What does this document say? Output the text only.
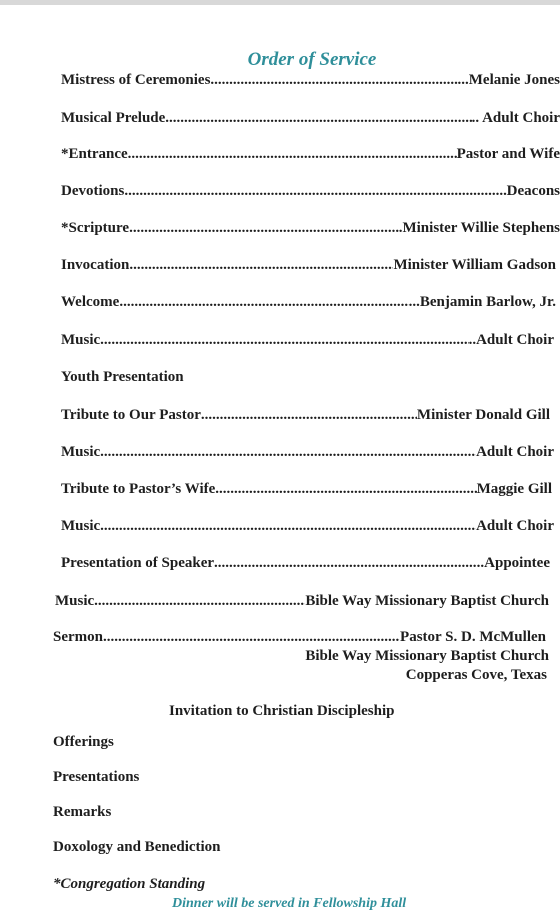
Order of Service
Mistress of Ceremonies .....	...Melanie Jones
Musical Prelude .....	.. Adult Choir
*Entrance .....	Pastor and Wife
Devotions .....	Deacons
*Scripture .....	.Minister Willie Stephens
Invocation .....	Minister William Gadson
Welcome .....	...Benjamin Barlow, Jr.
Music .....	..Adult Choir
Youth Presentation
Tribute to Our Pastor .....	Minister Donald Gill
Music .....	Adult Choir
Tribute to Pastor’s Wife .....	Maggie Gill
Music .....	Adult Choir
Presentation of Speaker .....	..Appointee
Music .....	Bible Way Missionary Baptist Church
Sermon .....	Pastor S. D. McMullen
Bible Way Missionary Baptist Church
Copperas Cove, Texas
Invitation to Christian Discipleship
Offerings
Presentations
Remarks
Doxology and Benediction
*Congregation Standing
Dinner will be served in Fellowship Hall
